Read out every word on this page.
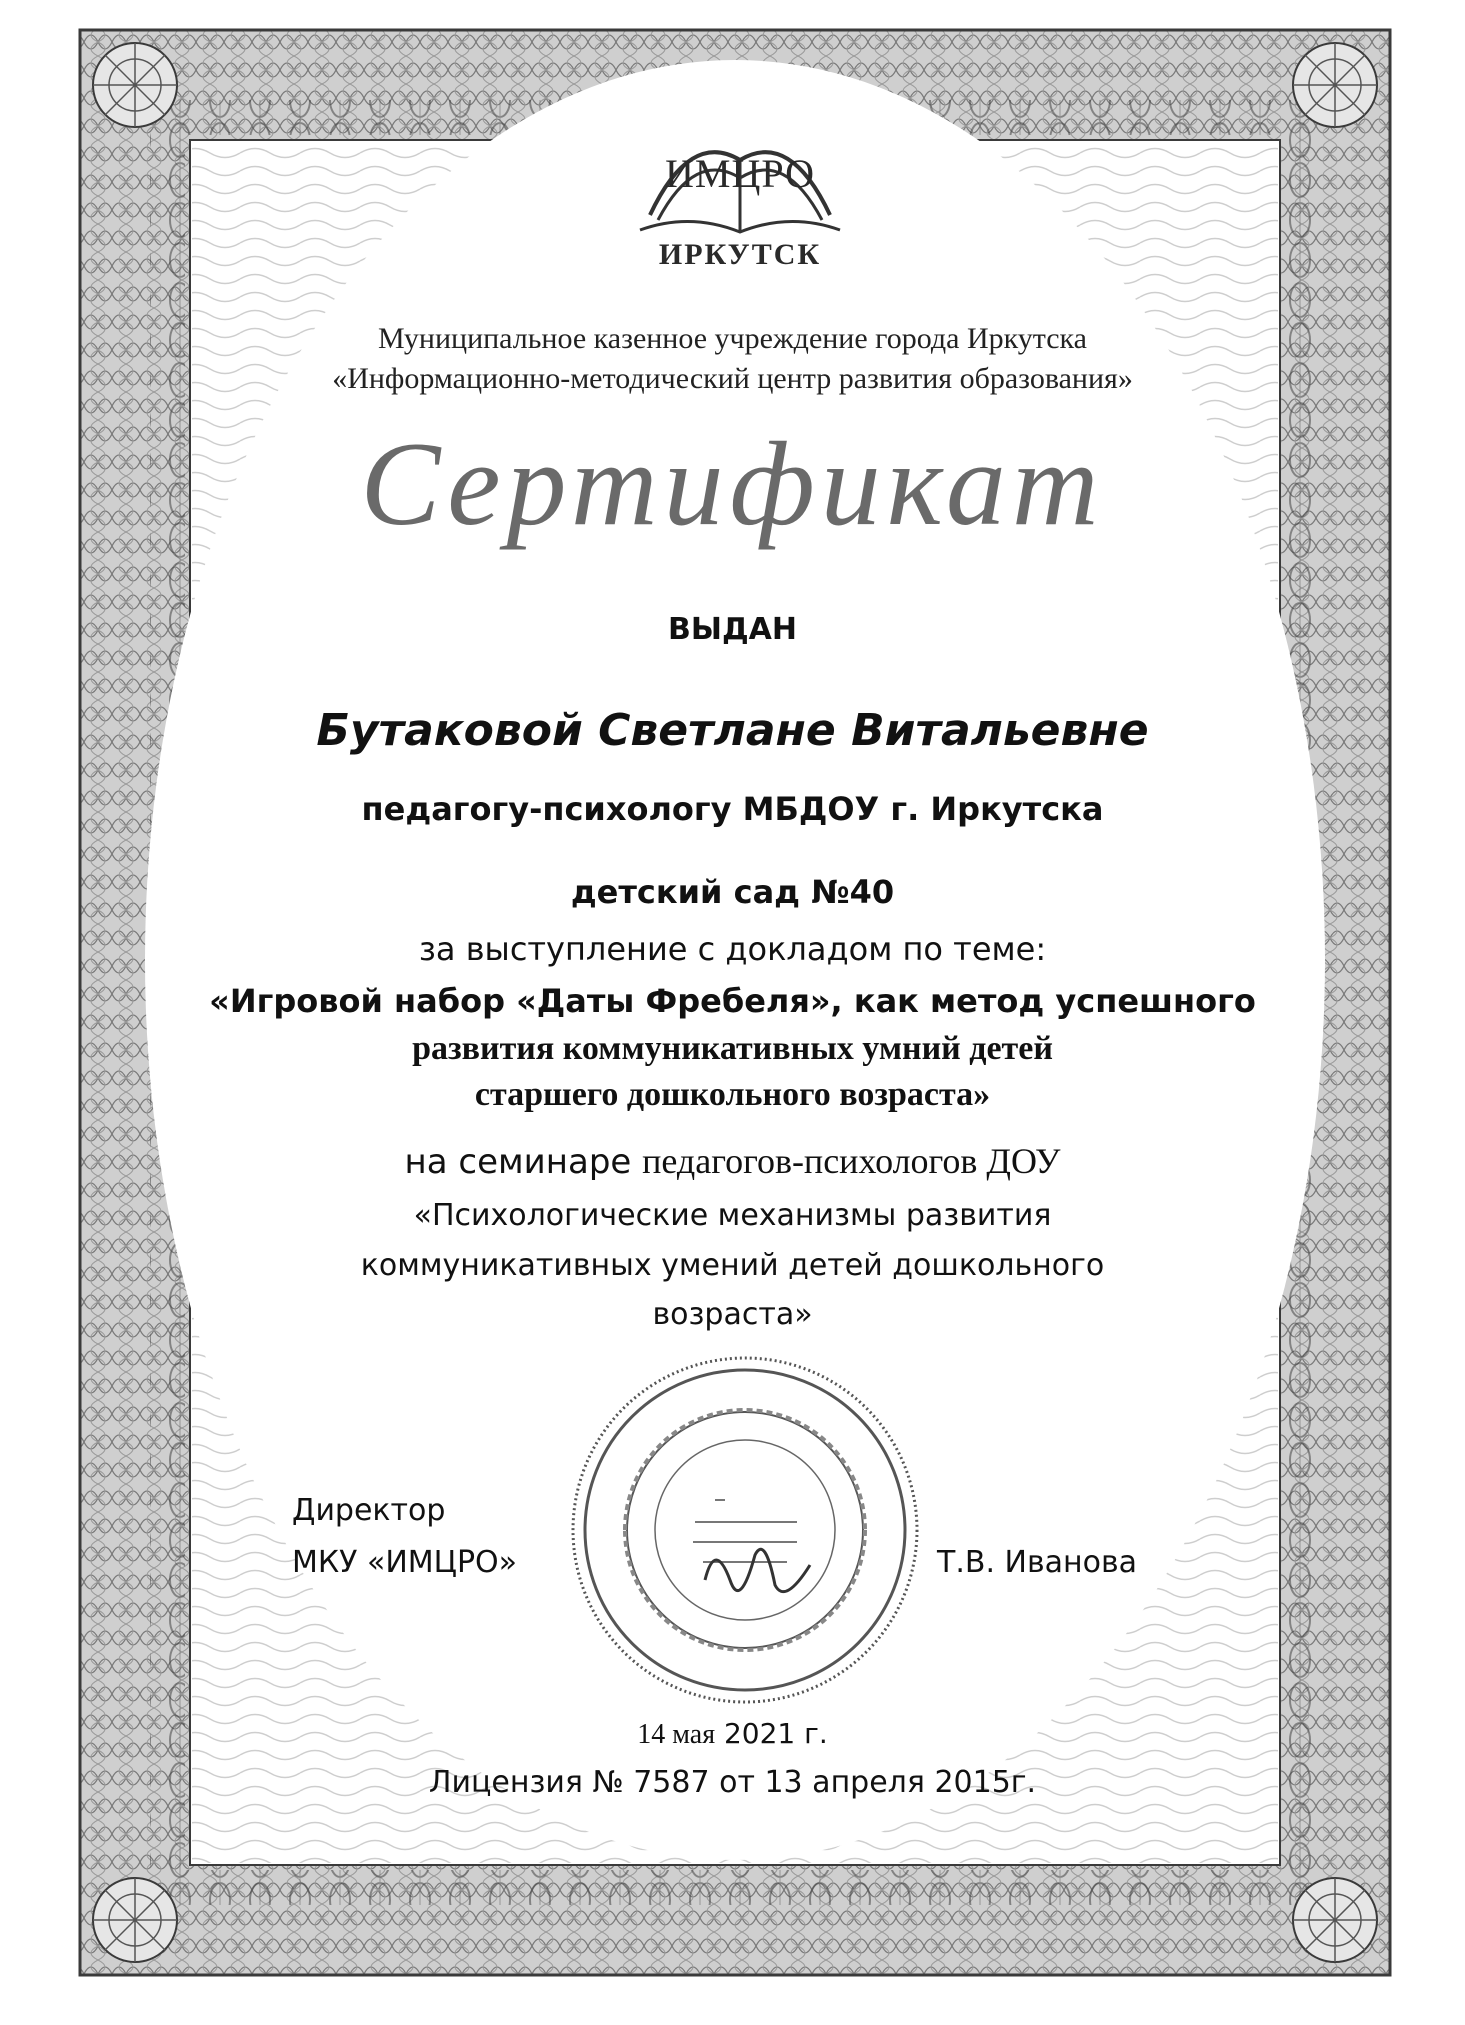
ИМЦРО
ИРКУТСК
Муниципальное казенное учреждение города Иркутска
«Информационно-методический центр развития образования»
Сертификат
ВЫДАН
Бутаковой Светлане Витальевне
педагогу-психологу МБДОУ г. Иркутска
детский сад №40
за выступление с докладом по теме:
«Игровой набор «Даты Фребеля», как метод успешного
развития коммуникативных умний детей
старшего дошкольного возраста»
на семинаре педагогов-психологов ДОУ
«Психологические механизмы развития
коммуникативных умений детей дошкольного
возраста»
Директор
МКУ «ИМЦРО»	Т.В. Иванова
14 мая 2021 г.
Лицензия № 7587 от 13 апреля 2015г.
